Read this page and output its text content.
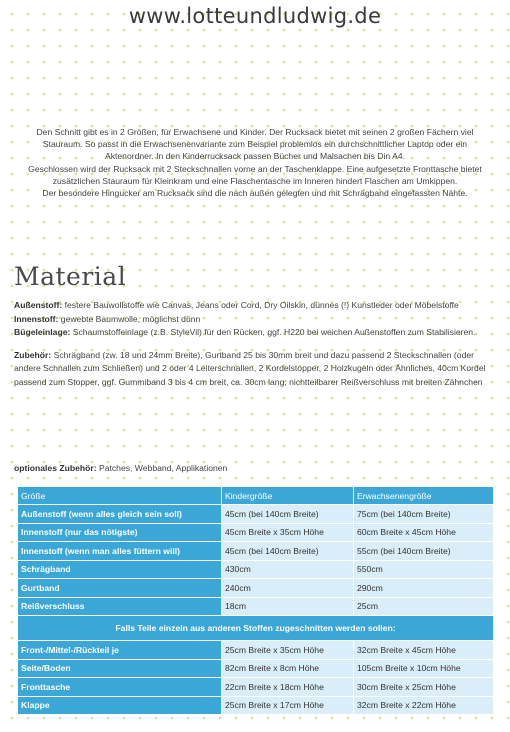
www.lotteundludwig.de

Den Schnitt gibt es in 2 Größen, für Erwachsene und Kinder. Der Rucksack bietet mit seinen 2 großen Fächern viel Stauraum. So passt in die Erwachsenenvariante zum Beispiel problemlos ein durchschnittlicher Laptop oder ein Aktenordner. In den Kinderrucksack passen Bücher und Malsachen bis Din A4.

Geschlossen wird der Rucksack mit 2 Steckschnallen vorne an der Taschenklappe. Eine aufgesetzte Fronttasche bietet zusätzlichen Stauraum für Kleinkram und eine Flaschentasche im Inneren hindert Flaschen am Umkippen.

Der besondere Hingucker am Rucksack sind die nach außen gelegten und mit Schrägband eingefassten Nähte.

Material

Außenstoff: festere Bauwollstoffe wie Canvas, Jeans oder Cord, Dry Oilskin, dünnes (!) Kunstleder oder Möbelstoffe

Innenstoff: gewebte Baumwolle, möglichst dünn

Bügeleinlage: Schaumstoffeinlage (z.B. StyleVil) für den Rücken, ggf. H220 bei weichen Außenstoffen zum Stabilisieren.

Zubehör: Schrägband (zw. 18 und 24mm Breite), Gurtband 25 bis 30mm breit und dazu passend 2 Steckschnallen (oder andere Schnallen zum Schließen) und 2 oder 4 Leiterschnallen, 2 Kordelstopper, 2 Holzkugeln oder Ähnliches, 40cm Kordel passend zum Stopper, ggf. Gummiband 3 bis 4 cm breit, ca. 30cm lang; nichtteilbarer Reißverschluss mit breiten Zähnchen

optionales Zubehör: Patches, Webband, Applikationen
Größe	Kindergröße	Erwachsenengröße
Außenstoff (wenn alles gleich sein soll)	45cm (bei 140cm Breite)	75cm (bei 140cm Breite)
Innenstoff (nur das nötigste)	45cm Breite x 35cm Höhe	60cm Breite x 45cm Höhe
Innenstoff (wenn man alles füttern will)	45cm (bei 140cm Breite)	55cm (bei 140cm Breite)
Schrägband	430cm	550cm
Gurtband	240cm	290cm
Reißverschluss	18cm	25cm
Falls Teile einzeln aus anderen Stoffen zugeschnitten werden sollen:		
Front-/Mittel-/Rückteil je	25cm Breite x 35cm Höhe	32cm Breite x 45cm Höhe
Seite/Boden	82cm Breite x 8cm Höhe	105cm Breite x 10cm Höhe
Fronttasche	22cm Breite x 18cm Höhe	30cm Breite x 25cm Höhe
Klappe	25cm Breite x 17cm Höhe	32cm Breite x 22cm Höhe
